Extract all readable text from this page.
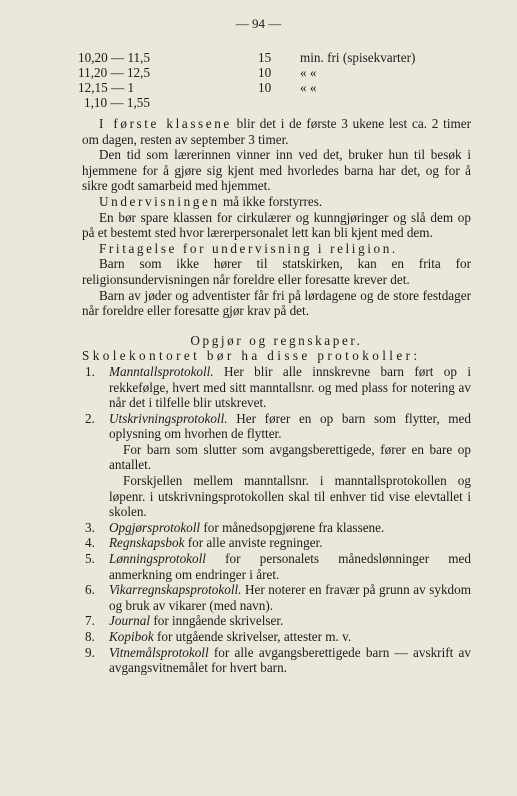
— 94 —
10,20 — 11,5	15 min. fri (spisekvarter)
11,20 — 12,5	10 « «
12,15 — 1	10 « «
1,10 — 1,55

I første klassene blir det i de første 3 ukene lest ca. 2 timer om dagen, resten av september 3 timer.

Den tid som lærerinnen vinner inn ved det, bruker hun til besøk i hjemmene for å gjøre sig kjent med hvorledes barna har det, og for å sikre godt samarbeid med hjemmet.

Undervisningen må ikke forstyrres.

En bør spare klassen for cirkulærer og kunngjøringer og slå dem op på et bestemt sted hvor lærerpersonalet lett kan bli kjent med dem.

Fritagelse for undervisning i religion.

Barn som ikke hører til statskirken, kan en frita for religionsundervisningen når foreldre eller foresatte krever det.

Barn av jøder og adventister får fri på lørdagene og de store festdager når foreldre eller foresatte gjør krav på det.

Opgjør og regnskaper.

Skolekontoret bør ha disse protokoller:

1. Manntallsprotokoll. Her blir alle innskrevne barn ført op i rekkefølge, hvert med sitt manntallsnr. og med plass for notering av når det i tilfelle blir utskrevet.
2. Utskrivningsprotokoll. Her fører en op barn som flytter, med oplysning om hvorhen de flytter.
For barn som slutter som avgangsberettigede, fører en bare op antallet.
Forskjellen mellem manntallsnr. i manntallsprotokollen og løpenr. i utskrivningsprotokollen skal til enhver tid vise elevtallet i skolen.
3. Opgjørsprotokoll for månedsopgjørene fra klassene.
4. Regnskapsbok for alle anviste regninger.
5. Lønningsprotokoll for personalets månedslønninger med anmerkning om endringer i året.
6. Vikarregnskapsprotokoll. Her noterer en fravær på grunn av sykdom og bruk av vikarer (med navn).
7. Journal for inngående skrivelser.
8. Kopibok for utgående skrivelser, attester m. v.
9. Vitnemålsprotokoll for alle avgangsberettigede barn — avskrift av avgangsvitnemålet for hvert barn.
